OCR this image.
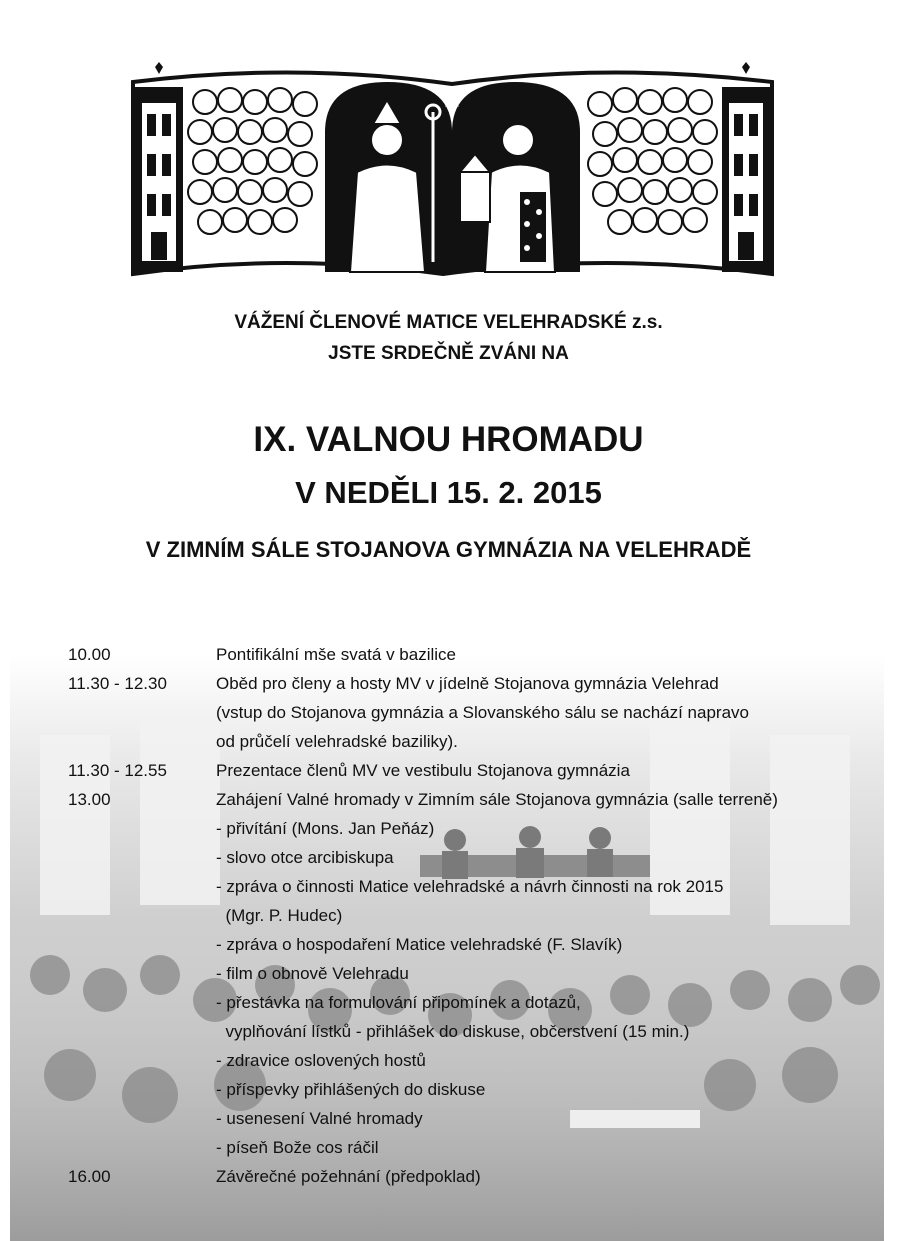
VÁŽENÍ ČLENOVÉ MATICE VELEHRADSKÉ z.s.
JSTE SRDEČNĚ ZVÁNI NA
IX. VALNOU HROMADU
V NEDĚLI 15. 2. 2015
V ZIMNÍM SÁLE STOJANOVA GYMNÁZIA NA VELEHRADĚ
10.00	Pontifikální mše svatá v bazilice
11.30 - 12.30	Oběd pro členy a hosty MV v jídelně Stojanova gymnázia Velehrad
(vstup do Stojanova gymnázia a Slovanského sálu se nachází napravo
od průčelí velehradské baziliky).
11.30 - 12.55	Prezentace členů MV ve vestibulu Stojanova gymnázia
13.00	Zahájení Valné hromady v Zimním sále Stojanova gymnázia (salle terreně)
- přivítání (Mons. Jan Peňáz)
- slovo otce arcibiskupa
- zpráva o činnosti Matice velehradské a návrh činnosti na rok 2015
(Mgr. P. Hudec)
- zpráva o hospodaření Matice velehradské (F. Slavík)
- film o obnově Velehradu
- přestávka na formulování připomínek a dotazů,
vyplňování lístků - přihlášek do diskuse, občerstvení (15 min.)
- zdravice oslovených hostů
- příspevky přihlášených do diskuse
- usenesení Valné hromady
- píseň Bože cos ráčil
16.00	Závěrečné požehnání (předpoklad)
